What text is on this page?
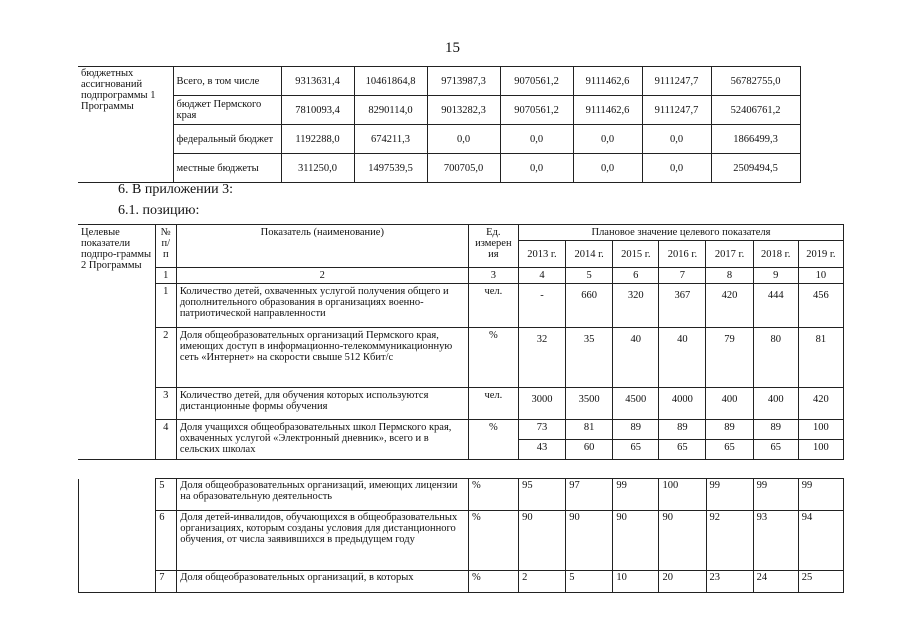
15
бюджетных ассигнований подпрограммы 1 Программы	Всего, в том числе	9313631,4	10461864,8	9713987,3	9070561,2	9111462,6	9111247,7	56782755,0
	бюджет Пермского края	7810093,4	8290114,0	9013282,3	9070561,2	9111462,6	9111247,7	52406761,2
	федеральный бюджет	1192288,0	674211,3	0,0	0,0	0,0	0,0	1866499,3
	местные бюджеты	311250,0	1497539,5	700705,0	0,0	0,0	0,0	2509494,5
6. В приложении 3:
6.1. позицию:
Целевые показатели подпро-граммы 2 Программы	№ п/п	Показатель (наименование)	Ед. измерен ия	Плановое значение целевого показателя						
				2013 г.	2014 г.	2015 г.	2016 г.	2017 г.	2018 г.	2019 г.
	1	2	3	4	5	6	7	8	9	10
	1	Количество детей, охваченных услугой получения общего и дополнительного образования в организациях военно-патриотической направленности	чел.	-	660	320	367	420	444	456
	2	Доля общеобразовательных организаций Пермского края, имеющих доступ в информационно-телекоммуникационную сеть «Интернет» на скорости свыше 512 Кбит/с	%	32	35	40	40	79	80	81
	3	Количество детей, для обучения которых используются дистанционные формы обучения	чел.	3000	3500	4500	4000	400	400	420
	4	Доля учащихся общеобразовательных школ Пермского края, охваченных услугой «Электронный дневник», всего и в сельских школах	%	73	81	89	89	89	89	100
				43	60	65	65	65	65	100
	5	Доля общеобразовательных организаций, имеющих лицензии на образовательную деятельность	%	95	97	99	100	99	99	99
	6	Доля детей-инвалидов, обучающихся в общеобразовательных организациях, которым созданы условия для дистанционного обучения, от числа заявившихся в предыдущем году	%	90	90	90	90	92	93	94
	7	Доля общеобразовательных организаций, в которых	%	2	5	10	20	23	24	25
